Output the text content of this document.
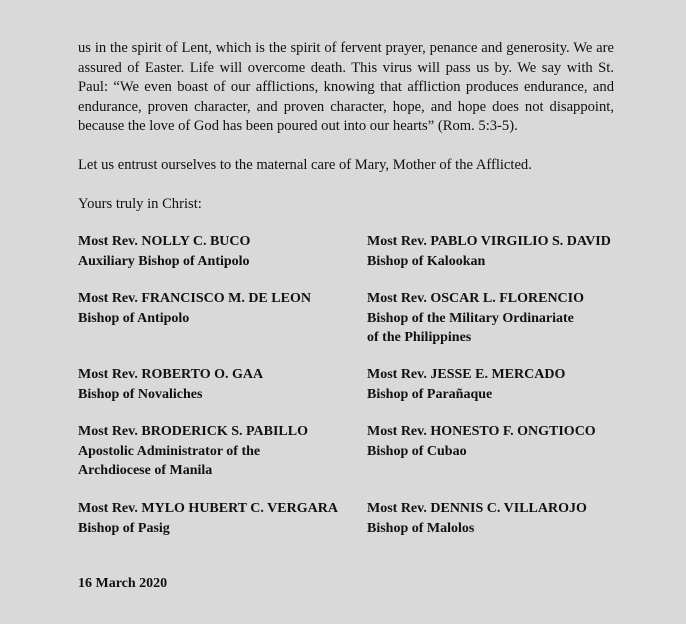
us in the spirit of Lent, which is the spirit of fervent prayer, penance and generosity. We are assured of Easter. Life will overcome death. This virus will pass us by. We say with St. Paul: “We even boast of our afflictions, knowing that affliction produces endurance, and endurance, proven character, and proven character, hope, and hope does not disappoint, because the love of God has been poured out into our hearts” (Rom. 5:3-5).

Let us entrust ourselves to the maternal care of Mary, Mother of the Afflicted.

Yours truly in Christ:

Most Rev. NOLLY C. BUCO
Auxiliary Bishop of Antipolo
Most Rev. FRANCISCO M. DE LEON
Bishop of Antipolo
Most Rev. ROBERTO O. GAA
Bishop of Novaliches
Most Rev. BRODERICK S. PABILLO
Apostolic Administrator of the
Archdiocese of Manila
Most Rev. MYLO HUBERT C. VERGARA
Bishop of Pasig
Most Rev. PABLO VIRGILIO S. DAVID
Bishop of Kalookan
Most Rev. OSCAR L. FLORENCIO
Bishop of the Military Ordinariate
of the Philippines
Most Rev. JESSE E. MERCADO
Bishop of Parañaque
Most Rev. HONESTO F. ONGTIOCO
Bishop of Cubao
Most Rev. DENNIS C. VILLAROJO
Bishop of Malolos
16 March 2020
